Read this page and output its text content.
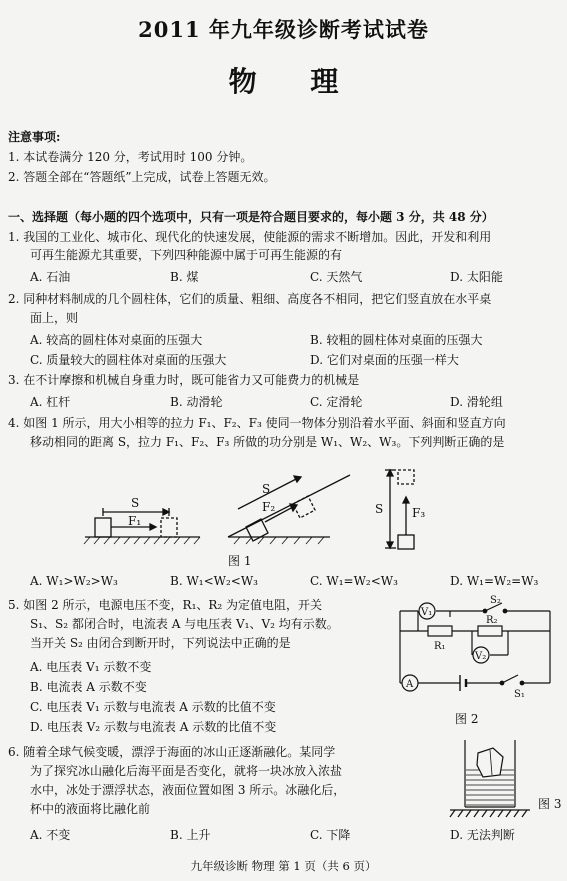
2011 年九年级诊断考试试卷
物 理
注意事项:
1. 本试卷满分 120 分，考试用时 100 分钟。
2. 答题全部在“答题纸”上完成，试卷上答题无效。
一、选择题（每小题的四个选项中，只有一项是符合题目要求的，每小题 3 分，共 48 分）
1. 我国的工业化、城市化、现代化的快速发展，使能源的需求不断增加。因此，开发和利用
可再生能源尤其重要，下列四种能源中属于可再生能源的有
A. 石油	B. 煤	C. 天然气	D. 太阳能
2. 同种材料制成的几个圆柱体，它们的质量、粗细、高度各不相同，把它们竖直放在水平桌
面上，则
A. 较高的圆柱体对桌面的压强大	B. 较粗的圆柱体对桌面的压强大
C. 质量较大的圆柱体对桌面的压强大	D. 它们对桌面的压强一样大
3. 在不计摩擦和机械自身重力时，既可能省力又可能费力的机械是
A. 杠杆	B. 动滑轮	C. 定滑轮	D. 滑轮组
4. 如图 1 所示，用大小相等的拉力 F₁、F₂、F₃ 使同一物体分别沿着水平面、斜面和竖直方向
移动相同的距离 S，拉力 F₁、F₂、F₃ 所做的功分别是 W₁、W₂、W₃。下列判断正确的是
S
F₁
S
F₂	S F₃
图 1
A. W₁>W₂>W₃	B. W₁<W₂<W₃	C. W₁=W₂<W₃	D. W₁=W₂=W₃
5. 如图 2 所示，电源电压不变，R₁、R₂ 为定值电阻，开关
S₁、S₂ 都闭合时，电流表 A 与电压表 V₁、V₂ 均有示数。
当开关 S₂ 由闭合到断开时，下列说法中正确的是
A. 电压表 V₁ 示数不变
B. 电流表 A 示数不变
C. 电压表 V₁ 示数与电流表 A 示数的比值不变
D. 电压表 V₂ 示数与电流表 A 示数的比值不变
V₁
V₂
A
R₁
R₂
S₂
S₁
图 2
6. 随着全球气候变暖，漂浮于海面的冰山正逐渐融化。某同学
为了探究冰山融化后海平面是否变化，就将一块冰放入浓盐
水中，冰处于漂浮状态，液面位置如图 3 所示。冰融化后，
杯中的液面将比融化前	图 3
A. 不变	B. 上升	C. 下降	D. 无法判断
九年级诊断 物理 第 1 页（共 6 页）
